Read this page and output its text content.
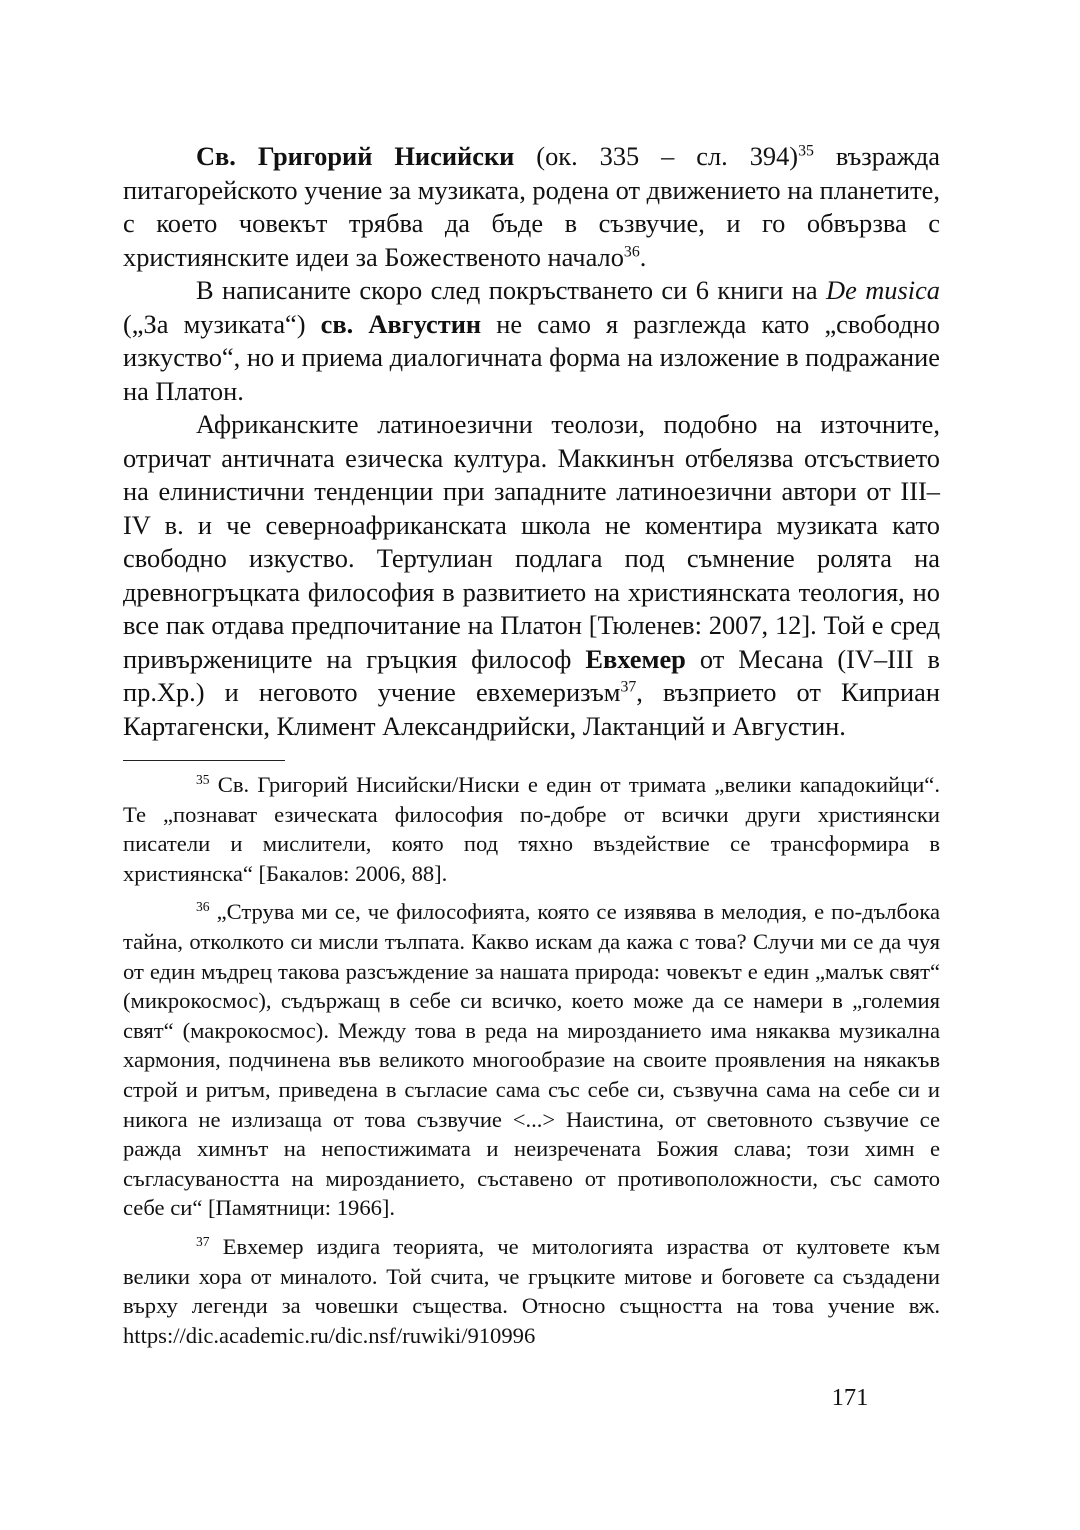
Св. Григорий Нисийски (ок. 335 – сл. 394)$^{35}$ възражда питагорейското учение за музиката, родена от движението на планетите, с което човекът трябва да бъде в съзвучие, и го обвързва с християнските идеи за Божественото начало$^{36}$.

В написаните скоро след покръстването си 6 книги на De musica („За музиката“) св. Августин не само я разглежда като „свободно изкуство“, но и приема диалогичната форма на изложение в подражание на Платон.

Африканските латиноезични теолози, подобно на източните, отричат античната езическа култура. Маккинън отбелязва отсъствието на елинистични тенденции при западните латиноезични автори от III–IV в. и че северноафриканската школа не коментира музиката като свободно изкуство. Тертулиан подлага под съмнение ролята на древногръцката философия в развитието на християнската теология, но все пак отдава предпочитание на Платон [Тюленев: 2007, 12]. Той е сред привържениците на гръцкия философ Евхемер от Месана (IV–III в пр.Хр.) и неговото учение евхемеризъм$^{37}$, възприето от Киприан Картагенски, Климент Александрийски, Лактанций и Августин.

$^{35}$ Св. Григорий Нисийски/Ниски е един от тримата „велики кападокийци“. Те „познават езическата философия по-добре от всички други християнски писатели и мислители, която под тяхно въздействие се трансформира в християнска“ [Бакалов: 2006, 88].

$^{36}$ „Струва ми се, че философията, която се изявява в мелодия, е по-дълбока тайна, отколкото си мисли тълпата. Какво искам да кажа с това? Случи ми се да чуя от един мъдрец такова разсъждение за нашата природа: човекът е един „малък свят“ (микрокосмос), съдържащ в себе си всичко, което може да се намери в „големия свят“ (макрокосмос). Между това в реда на мирозданието има някаква музикална хармония, подчинена във великото многообразие на своите проявления на някакъв строй и ритъм, приведена в съгласие сама със себе си, съзвучна сама на себе си и никога не излизаща от това съзвучие <...> Наистина, от световното съзвучие се ражда химнът на непостижимата и неизречената Божия слава; този химн е съгласуваността на мирозданието, съставено от противоположности, със самото себе си“ [Памятници: 1966].

$^{37}$ Евхемер издига теорията, че митологията израства от култовете към велики хора от миналото. Той счита, че гръцките митове и боговете са създадени върху легенди за човешки същества. Относно същността на това учение вж. https://dic.academic.ru/dic.nsf/ruwiki/910996

171
